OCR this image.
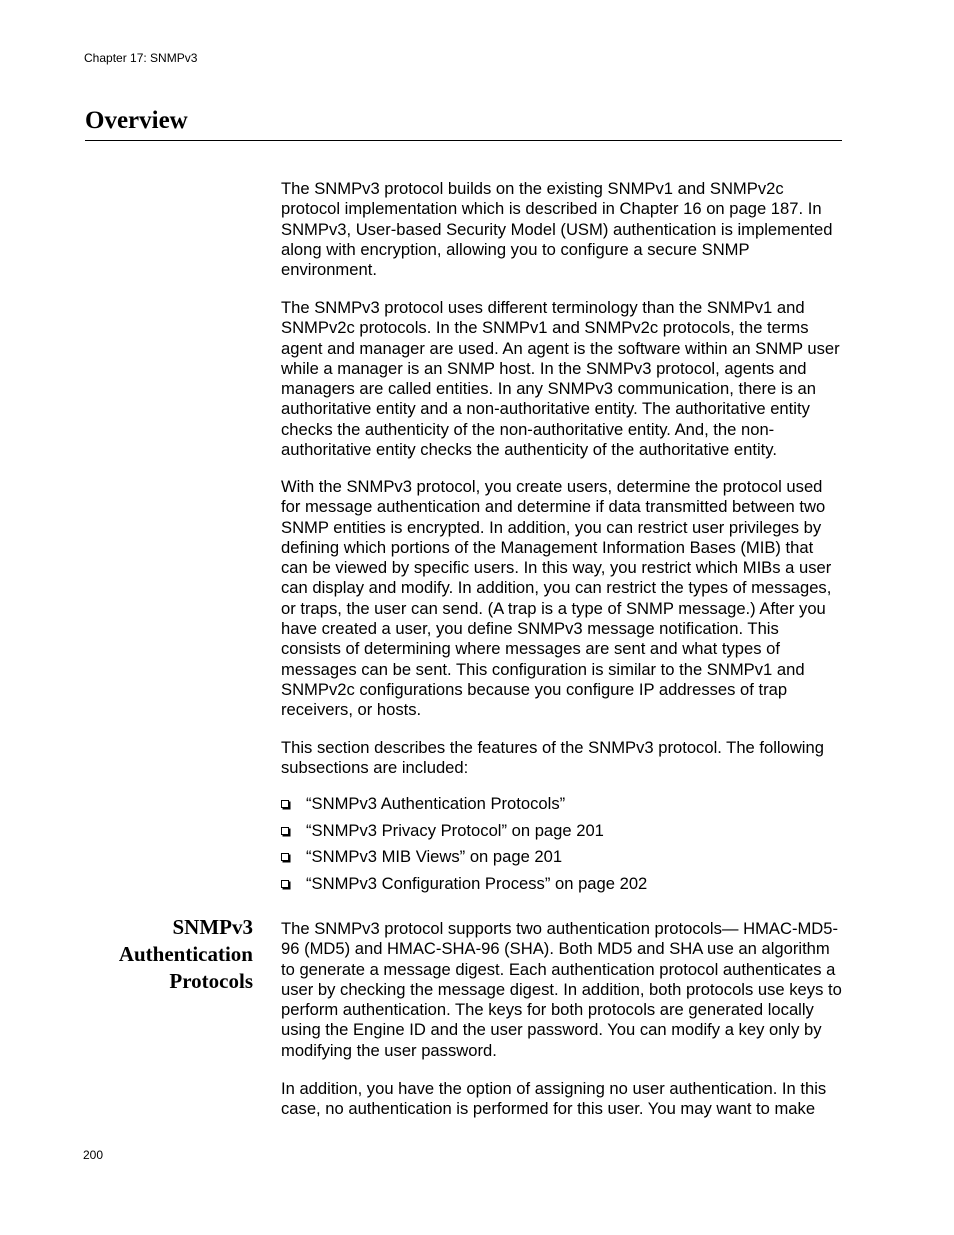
Chapter 17: SNMPv3
Overview

The SNMPv3 protocol builds on the existing SNMPv1 and SNMPv2c protocol implementation which is described in Chapter 16 on page 187. In SNMPv3, User-based Security Model (USM) authentication is implemented along with encryption, allowing you to configure a secure SNMP environment.

The SNMPv3 protocol uses different terminology than the SNMPv1 and SNMPv2c protocols. In the SNMPv1 and SNMPv2c protocols, the terms agent and manager are used. An agent is the software within an SNMP user while a manager is an SNMP host. In the SNMPv3 protocol, agents and managers are called entities. In any SNMPv3 communication, there is an authoritative entity and a non-authoritative entity. The authoritative entity checks the authenticity of the non-authoritative entity. And, the non-authoritative entity checks the authenticity of the authoritative entity.

With the SNMPv3 protocol, you create users, determine the protocol used for message authentication and determine if data transmitted between two SNMP entities is encrypted. In addition, you can restrict user privileges by defining which portions of the Management Information Bases (MIB) that can be viewed by specific users. In this way, you restrict which MIBs a user can display and modify. In addition, you can restrict the types of messages, or traps, the user can send. (A trap is a type of SNMP message.) After you have created a user, you define SNMPv3 message notification. This consists of determining where messages are sent and what types of messages can be sent. This configuration is similar to the SNMPv1 and SNMPv2c configurations because you configure IP addresses of trap receivers, or hosts.

This section describes the features of the SNMPv3 protocol. The following subsections are included:

“SNMPv3 Authentication Protocols”
“SNMPv3 Privacy Protocol” on page 201
“SNMPv3 MIB Views” on page 201
“SNMPv3 Configuration Process” on page 202
SNMPv3
Authentication
Protocols

The SNMPv3 protocol supports two authentication protocols— HMAC-MD5-96 (MD5) and HMAC-SHA-96 (SHA). Both MD5 and SHA use an algorithm to generate a message digest. Each authentication protocol authenticates a user by checking the message digest. In addition, both protocols use keys to perform authentication. The keys for both protocols are generated locally using the Engine ID and the user password. You can modify a key only by modifying the user password.

In addition, you have the option of assigning no user authentication. In this case, no authentication is performed for this user. You may want to make

200
